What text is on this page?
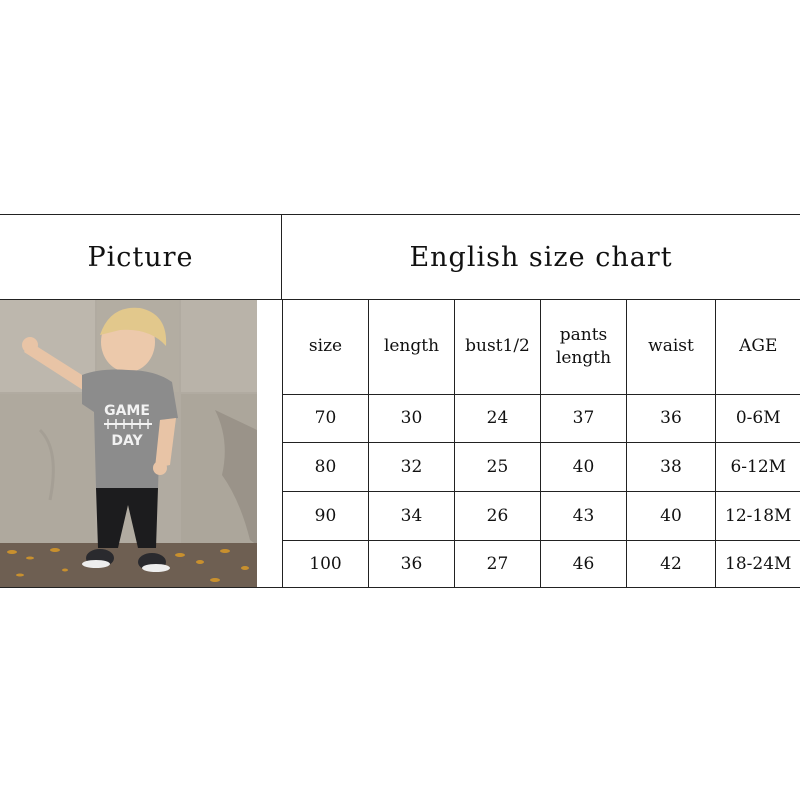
Picture	English size chart
GAME
DAY
size	length	bust1/2	pants length	waist	AGE
70	30	24	37	36	0-6M
80	32	25	40	38	6-12M
90	34	26	43	40	12-18M
100	36	27	46	42	18-24M
